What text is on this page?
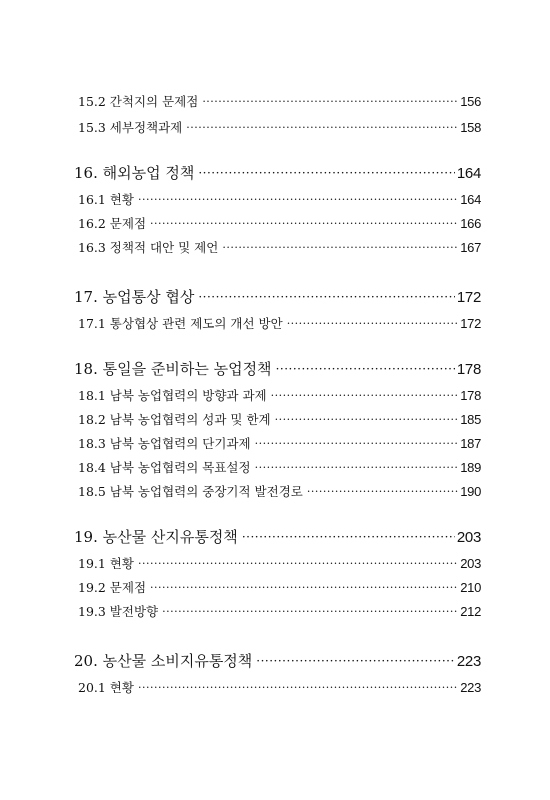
15.2 간척지의 문제점 ·····	156
15.3 세부정책과제 ·····	158
16. 해외농업 정책 ·····	164
16.1 현황 ·····	164
16.2 문제점 ·····	166
16.3 정책적 대안 및 제언 ·····	167
17. 농업통상 협상 ·····	172
17.1 통상협상 관련 제도의 개선 방안 ·····	172
18. 통일을 준비하는 농업정책 ·····	178
18.1 남북 농업협력의 방향과 과제 ·····	178
18.2 남북 농업협력의 성과 및 한계 ·····	185
18.3 남북 농업협력의 단기과제 ·····	187
18.4 남북 농업협력의 목표설정 ·····	189
18.5 남북 농업협력의 중장기적 발전경로 ·····	190
19. 농산물 산지유통정책 ·····	203
19.1 현황 ·····	203
19.2 문제점 ·····	210
19.3 발전방향 ·····	212
20. 농산물 소비지유통정책 ·····	223
20.1 현황 ·····	223
